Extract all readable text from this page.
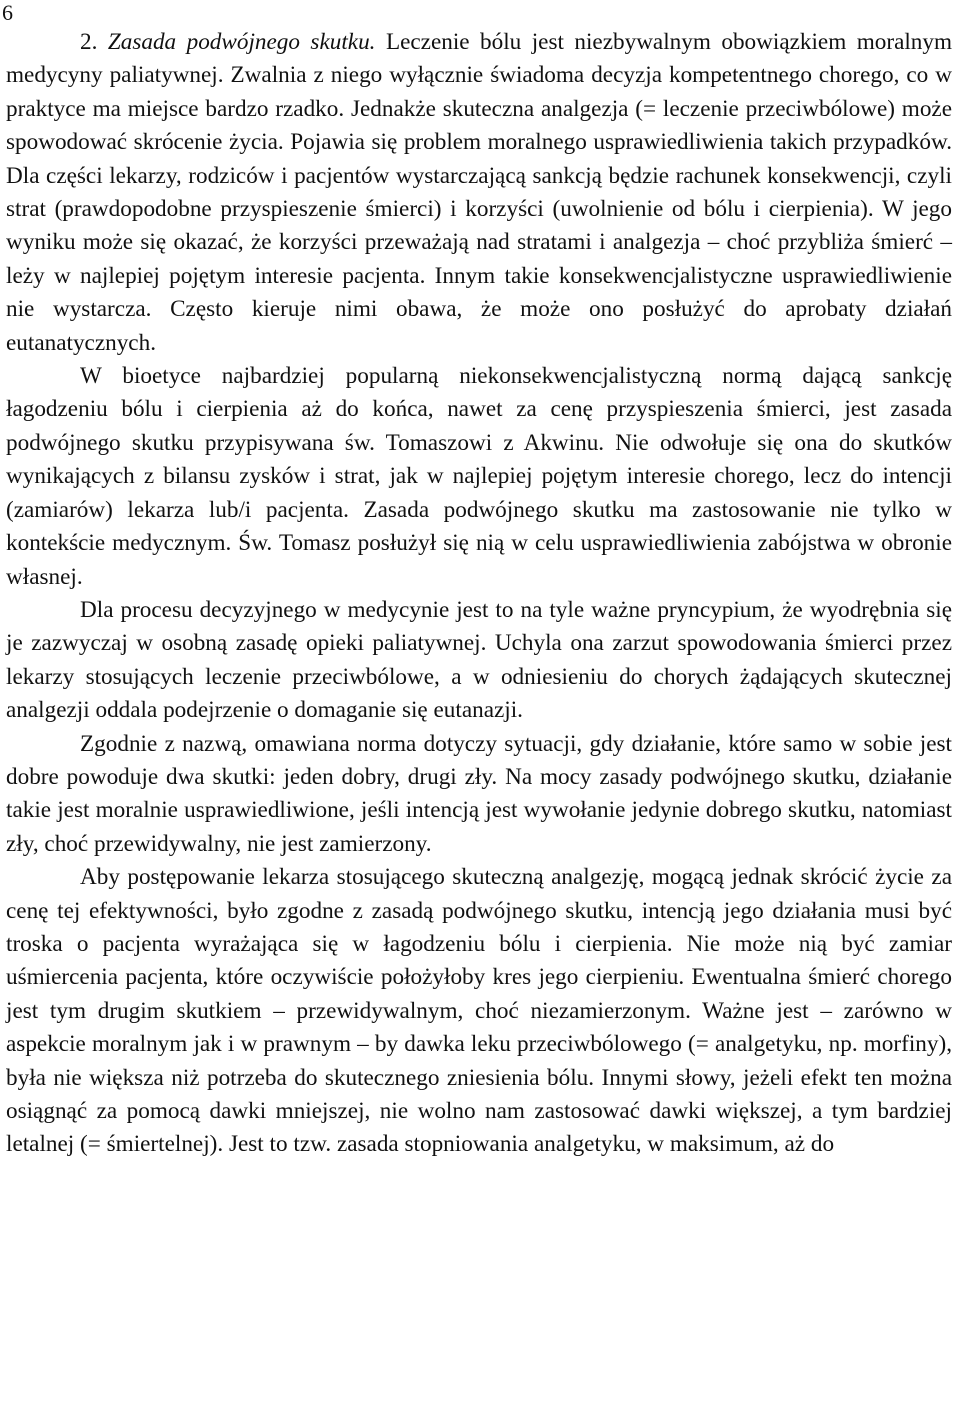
6

2. Zasada podwójnego skutku. Leczenie bólu jest niezbywalnym obowiązkiem moralnym medycyny paliatywnej. Zwalnia z niego wyłącznie świadoma decyzja kompetentnego chorego, co w praktyce ma miejsce bardzo rzadko. Jednakże skuteczna analgezja (= leczenie przeciwbólowe) może spowodować skrócenie życia. Pojawia się problem moralnego usprawiedliwienia takich przypadków. Dla części lekarzy, rodziców i pacjentów wystarczającą sankcją będzie rachunek konsekwencji, czyli strat (prawdopodobne przyspieszenie śmierci) i korzyści (uwolnienie od bólu i cierpienia). W jego wyniku może się okazać, że korzyści przeważają nad stratami i analgezja – choć przybliża śmierć – leży w najlepiej pojętym interesie pacjenta. Innym takie konsekwencjalistyczne usprawiedliwienie nie wystarcza. Często kieruje nimi obawa, że może ono posłużyć do aprobaty działań eutanatycznych.

W bioetyce najbardziej popularną niekonsekwencjalistyczną normą dającą sankcję łagodzeniu bólu i cierpienia aż do końca, nawet za cenę przyspieszenia śmierci, jest zasada podwójnego skutku przypisywana św. Tomaszowi z Akwinu. Nie odwołuje się ona do skutków wynikających z bilansu zysków i strat, jak w najlepiej pojętym interesie chorego, lecz do intencji (zamiarów) lekarza lub/i pacjenta. Zasada podwójnego skutku ma zastosowanie nie tylko w kontekście medycznym. Św. Tomasz posłużył się nią w celu usprawiedliwienia zabójstwa w obronie własnej.

Dla procesu decyzyjnego w medycynie jest to na tyle ważne pryncypium, że wyodrębnia się je zazwyczaj w osobną zasadę opieki paliatywnej. Uchyla ona zarzut spowodowania śmierci przez lekarzy stosujących leczenie przeciwbólowe, a w odniesieniu do chorych żądających skutecznej analgezji oddala podejrzenie o domaganie się eutanazji.

Zgodnie z nazwą, omawiana norma dotyczy sytuacji, gdy działanie, które samo w sobie jest dobre powoduje dwa skutki: jeden dobry, drugi zły. Na mocy zasady podwójnego skutku, działanie takie jest moralnie usprawiedliwione, jeśli intencją jest wywołanie jedynie dobrego skutku, natomiast zły, choć przewidywalny, nie jest zamierzony.

Aby postępowanie lekarza stosującego skuteczną analgezję, mogącą jednak skrócić życie za cenę tej efektywności, było zgodne z zasadą podwójnego skutku, intencją jego działania musi być troska o pacjenta wyrażająca się w łagodzeniu bólu i cierpienia. Nie może nią być zamiar uśmiercenia pacjenta, które oczywiście położyłoby kres jego cierpieniu. Ewentualna śmierć chorego jest tym drugim skutkiem – przewidywalnym, choć niezamierzonym. Ważne jest – zarówno w aspekcie moralnym jak i w prawnym – by dawka leku przeciwbólowego (= analgetyku, np. morfiny), była nie większa niż potrzeba do skutecznego zniesienia bólu. Innymi słowy, jeżeli efekt ten można osiągnąć za pomocą dawki mniejszej, nie wolno nam zastosować dawki większej, a tym bardziej letalnej (= śmiertelnej). Jest to tzw. zasada stopniowania analgetyku, w maksimum, aż do
